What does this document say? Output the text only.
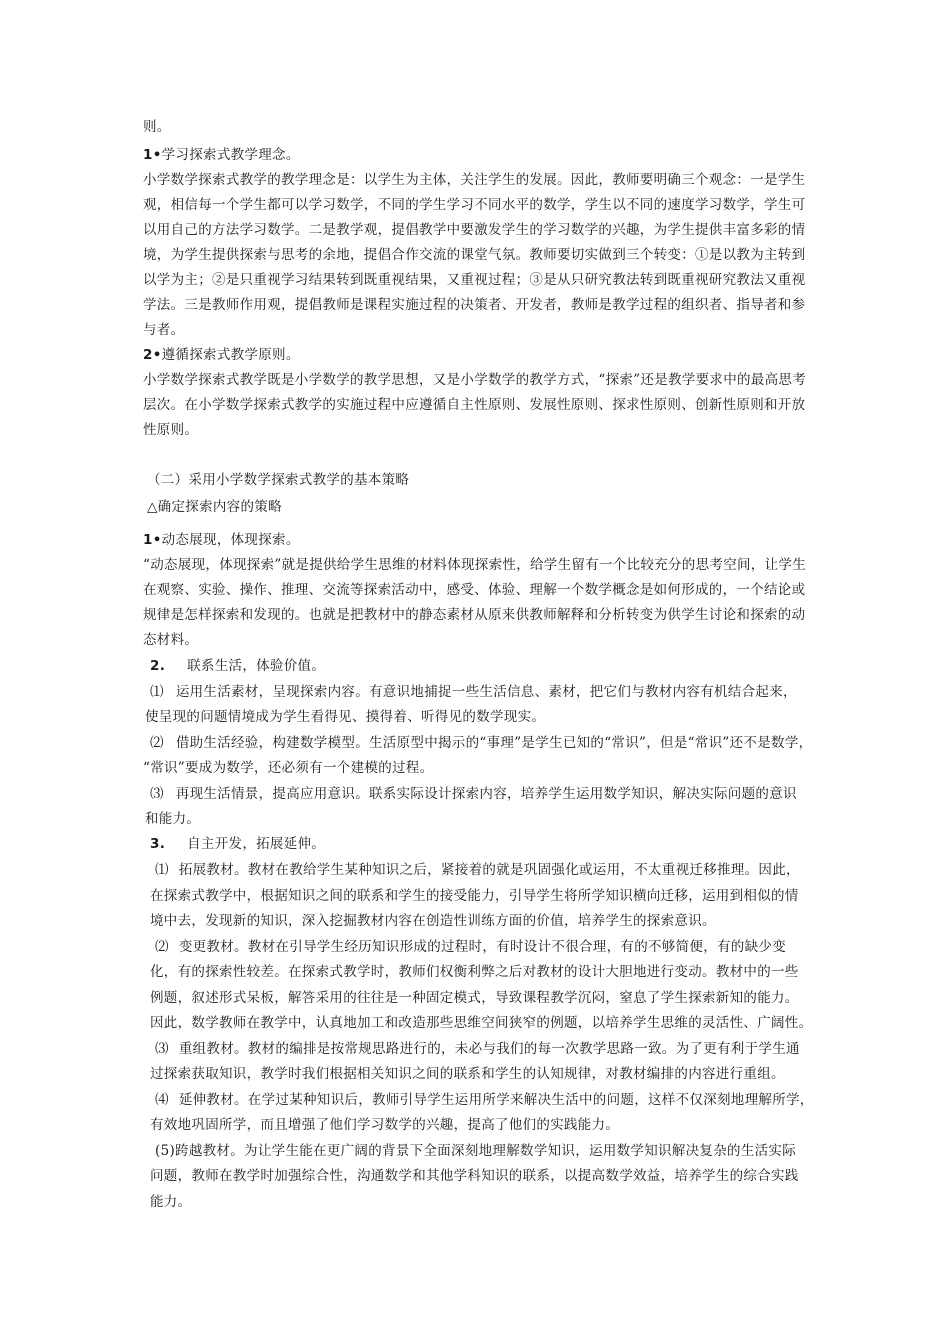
则。
1•学习探索式教学理念。
小学数学探索式教学的教学理念是：以学生为主体，关注学生的发展。因此，教师要明确三个观念：一是学生
观，相信每一个学生都可以学习数学，不同的学生学习不同水平的数学，学生以不同的速度学习数学，学生可
以用自己的方法学习数学。二是教学观，提倡教学中要激发学生的学习数学的兴趣，为学生提供丰富多彩的情
境，为学生提供探索与思考的余地，提倡合作交流的课堂气氛。教师要切实做到三个转变：①是以教为主转到
以学为主；②是只重视学习结果转到既重视结果，又重视过程；③是从只研究教法转到既重视研究教法又重视
学法。三是教师作用观，提倡教师是课程实施过程的决策者、开发者，教师是教学过程的组织者、指导者和参
与者。
2•遵循探索式教学原则。
小学数学探索式教学既是小学数学的教学思想，又是小学数学的教学方式，“探索”还是教学要求中的最高思考
层次。在小学数学探索式教学的实施过程中应遵循自主性原则、发展性原则、探求性原则、创新性原则和开放
性原则。
（二）采用小学数学探索式教学的基本策略
△确定探索内容的策略
1•动态展现，体现探索。
“动态展现，体现探索”就是提供给学生思维的材料体现探索性，给学生留有一个比较充分的思考空间，让学生
在观察、实验、操作、推理、交流等探索活动中，感受、体验、理解一个数学概念是如何形成的，一个结论或
规律是怎样探索和发现的。也就是把教材中的静态素材从原来供教师解释和分析转变为供学生讨论和探索的动
态材料。
2. 联系生活，体验价值。
⑴ 运用生活素材，呈现探索内容。有意识地捕捉一些生活信息、素材，把它们与教材内容有机结合起来，
使呈现的问题情境成为学生看得见、摸得着、听得见的数学现实。
⑵ 借助生活经验，构建数学模型。生活原型中揭示的“事理”是学生已知的“常识”，但是“常识”还不是数学，
“常识”要成为数学，还必须有一个建模的过程。
⑶ 再现生活情景，提高应用意识。联系实际设计探索内容，培养学生运用数学知识，解决实际问题的意识
和能力。
3. 自主开发，拓展延伸。
⑴ 拓展教材。教材在教给学生某种知识之后，紧接着的就是巩固强化或运用，不太重视迁移推理。因此，
在探索式教学中，根据知识之间的联系和学生的接受能力，引导学生将所学知识横向迁移，运用到相似的情
境中去，发现新的知识，深入挖掘教材内容在创造性训练方面的价值，培养学生的探索意识。
⑵ 变更教材。教材在引导学生经历知识形成的过程时，有时设计不很合理，有的不够简便，有的缺少变
化，有的探索性较差。在探索式教学时，教师们权衡利弊之后对教材的设计大胆地进行变动。教材中的一些
例题，叙述形式呆板，解答采用的往往是一种固定模式，导致课程教学沉闷，窒息了学生探索新知的能力。
因此，数学教师在教学中，认真地加工和改造那些思维空间狭窄的例题，以培养学生思维的灵活性、广阔性。
⑶ 重组教材。教材的编排是按常规思路进行的，未必与我们的每一次教学思路一致。为了更有利于学生通
过探索获取知识，教学时我们根据相关知识之间的联系和学生的认知规律，对教材编排的内容进行重组。
⑷ 延伸教材。在学过某种知识后，教师引导学生运用所学来解决生活中的问题，这样不仅深刻地理解所学，
有效地巩固所学，而且增强了他们学习数学的兴趣，提高了他们的实践能力。
(5)跨越教材。为让学生能在更广阔的背景下全面深刻地理解数学知识，运用数学知识解决复杂的生活实际
问题，教师在教学时加强综合性，沟通数学和其他学科知识的联系，以提高数学效益，培养学生的综合实践
能力。
